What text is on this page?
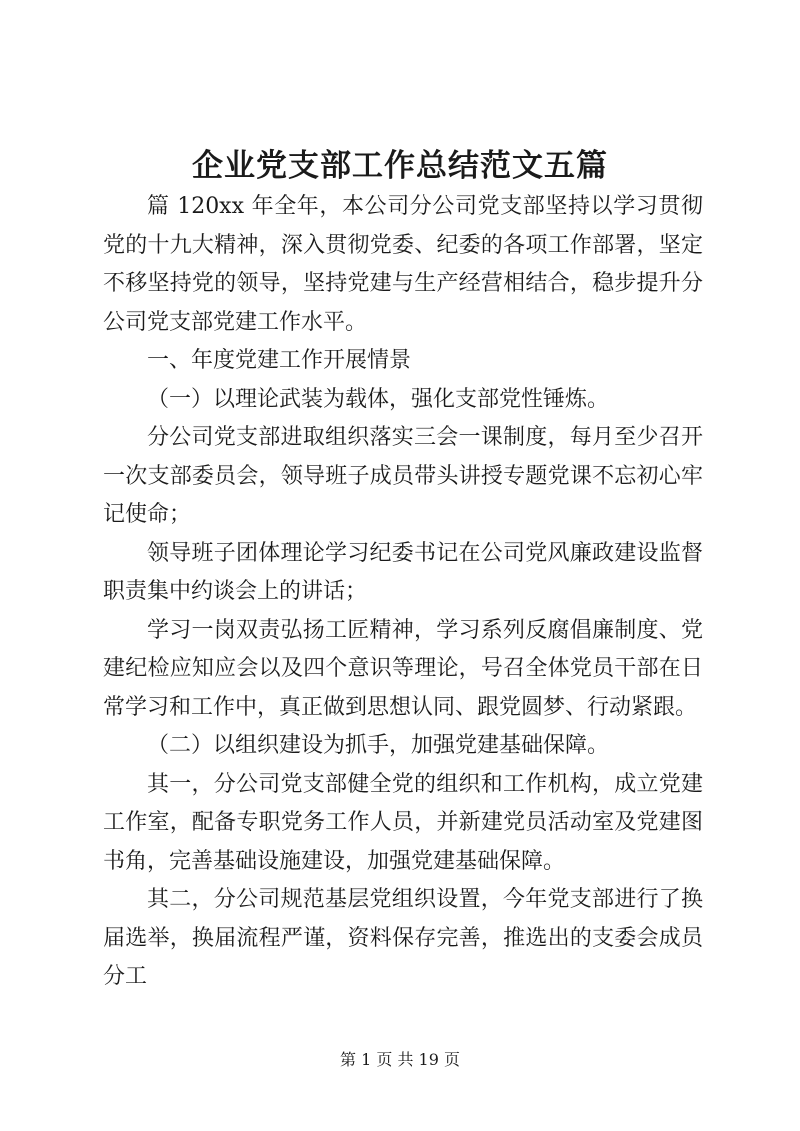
企业党支部工作总结范文五篇

篇 120xx 年全年，本公司分公司党支部坚持以学习贯彻党的十九大精神，深入贯彻党委、纪委的各项工作部署，坚定不移坚持党的领导，坚持党建与生产经营相结合，稳步提升分公司党支部党建工作水平。

一、年度党建工作开展情景

（一）以理论武装为载体，强化支部党性锤炼。

分公司党支部进取组织落实三会一课制度，每月至少召开一次支部委员会，领导班子成员带头讲授专题党课不忘初心牢记使命；

领导班子团体理论学习纪委书记在公司党风廉政建设监督职责集中约谈会上的讲话；

学习一岗双责弘扬工匠精神，学习系列反腐倡廉制度、党建纪检应知应会以及四个意识等理论，号召全体党员干部在日常学习和工作中，真正做到思想认同、跟党圆梦、行动紧跟。

（二）以组织建设为抓手，加强党建基础保障。

其一，分公司党支部健全党的组织和工作机构，成立党建工作室，配备专职党务工作人员，并新建党员活动室及党建图书角，完善基础设施建设，加强党建基础保障。

其二，分公司规范基层党组织设置，今年党支部进行了换届选举，换届流程严谨，资料保存完善，推选出的支委会成员分工

第 1 页 共 19 页
